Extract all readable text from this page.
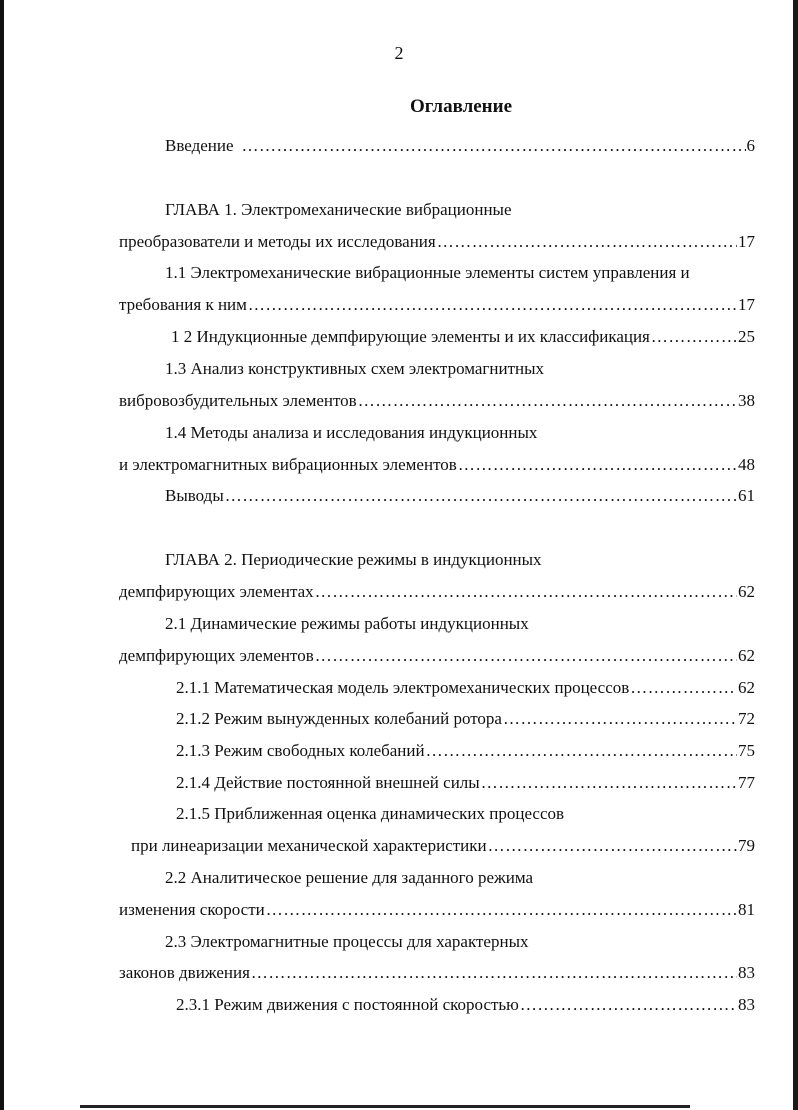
2
Оглавление
Введение …………………………………………………………………………………………………………………………………………………………………………………………………………	6
ГЛАВА 1. Электромеханические вибрационные
преобразователи и методы их исследования …………………………………………………………………………………………………………………………………………………………………………………………………………	17
1.1 Электромеханические вибрационные элементы систем управления и
требования к ним …………………………………………………………………………………………………………………………………………………………………………………………………………	17
1 2 Индукционные демпфирующие элементы и их классификация …………………………………………………………………………………………………………………………………………………………………………………………………………	25
1.3 Анализ конструктивных схем электромагнитных
вибровозбудительных элементов …………………………………………………………………………………………………………………………………………………………………………………………………………	38
1.4 Методы анализа и исследования индукционных
и электромагнитных вибрационных элементов …………………………………………………………………………………………………………………………………………………………………………………………………………	48
Выводы …………………………………………………………………………………………………………………………………………………………………………………………………………	61
ГЛАВА 2. Периодические режимы в индукционных
демпфирующих элементах …………………………………………………………………………………………………………………………………………………………………………………………………………	62
2.1 Динамические режимы работы индукционных
демпфирующих элементов …………………………………………………………………………………………………………………………………………………………………………………………………………	62
2.1.1 Математическая модель электромеханических процессов …………………………………………………………………………………………………………………………………………………………………………………………………………	62
2.1.2 Режим вынужденных колебаний ротора …………………………………………………………………………………………………………………………………………………………………………………………………………	72
2.1.3 Режим свободных колебаний …………………………………………………………………………………………………………………………………………………………………………………………………………	75
2.1.4 Действие постоянной внешней силы …………………………………………………………………………………………………………………………………………………………………………………………………………	77
2.1.5 Приближенная оценка динамических процессов
при линеаризации механической характеристики …………………………………………………………………………………………………………………………………………………………………………………………………………	79
2.2 Аналитическое решение для заданного режима
изменения скорости …………………………………………………………………………………………………………………………………………………………………………………………………………	81
2.3 Электромагнитные процессы для характерных
законов движения …………………………………………………………………………………………………………………………………………………………………………………………………………	83
2.3.1 Режим движения с постоянной скоростью …………………………………………………………………………………………………………………………………………………………………………………………………………	83
